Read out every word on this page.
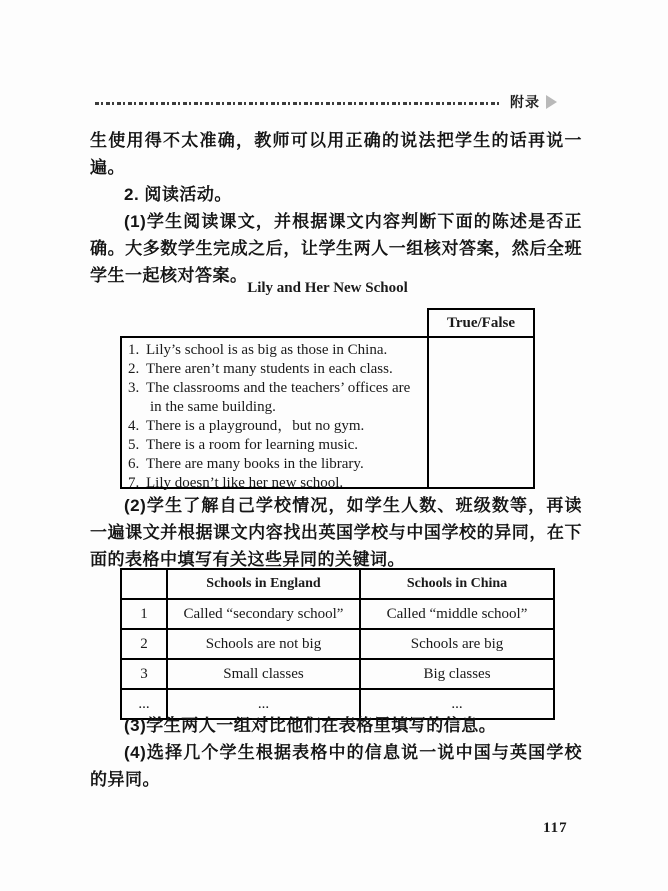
附录

生使用得不太准确，教师可以用正确的说法把学生的话再说一遍。

2. 阅读活动。

(1)学生阅读课文，并根据课文内容判断下面的陈述是否正确。大多数学生完成之后，让学生两人一组核对答案，然后全班学生一起核对答案。

Lily and Her New School

True/False
1. Lily’s school is as big as those in China.
2. There aren’t many students in each class.
3. The classrooms and the teachers’ offices are in the same building.
4. There is a playground，but no gym.
5. There is a room for learning music.
6. There are many books in the library.
7. Lily doesn’t like her new school.

(2)学生了解自己学校情况，如学生人数、班级数等，再读一遍课文并根据课文内容找出英国学校与中国学校的异同，在下面的表格中填写有关这些异同的关键词。

	Schools in England	Schools in China
1	Called “secondary school”	Called “middle school”
2	Schools are not big	Schools are big
3	Small classes	Big classes
...	...	...

(3)学生两人一组对比他们在表格里填写的信息。

(4)选择几个学生根据表格中的信息说一说中国与英国学校的异同。

117
